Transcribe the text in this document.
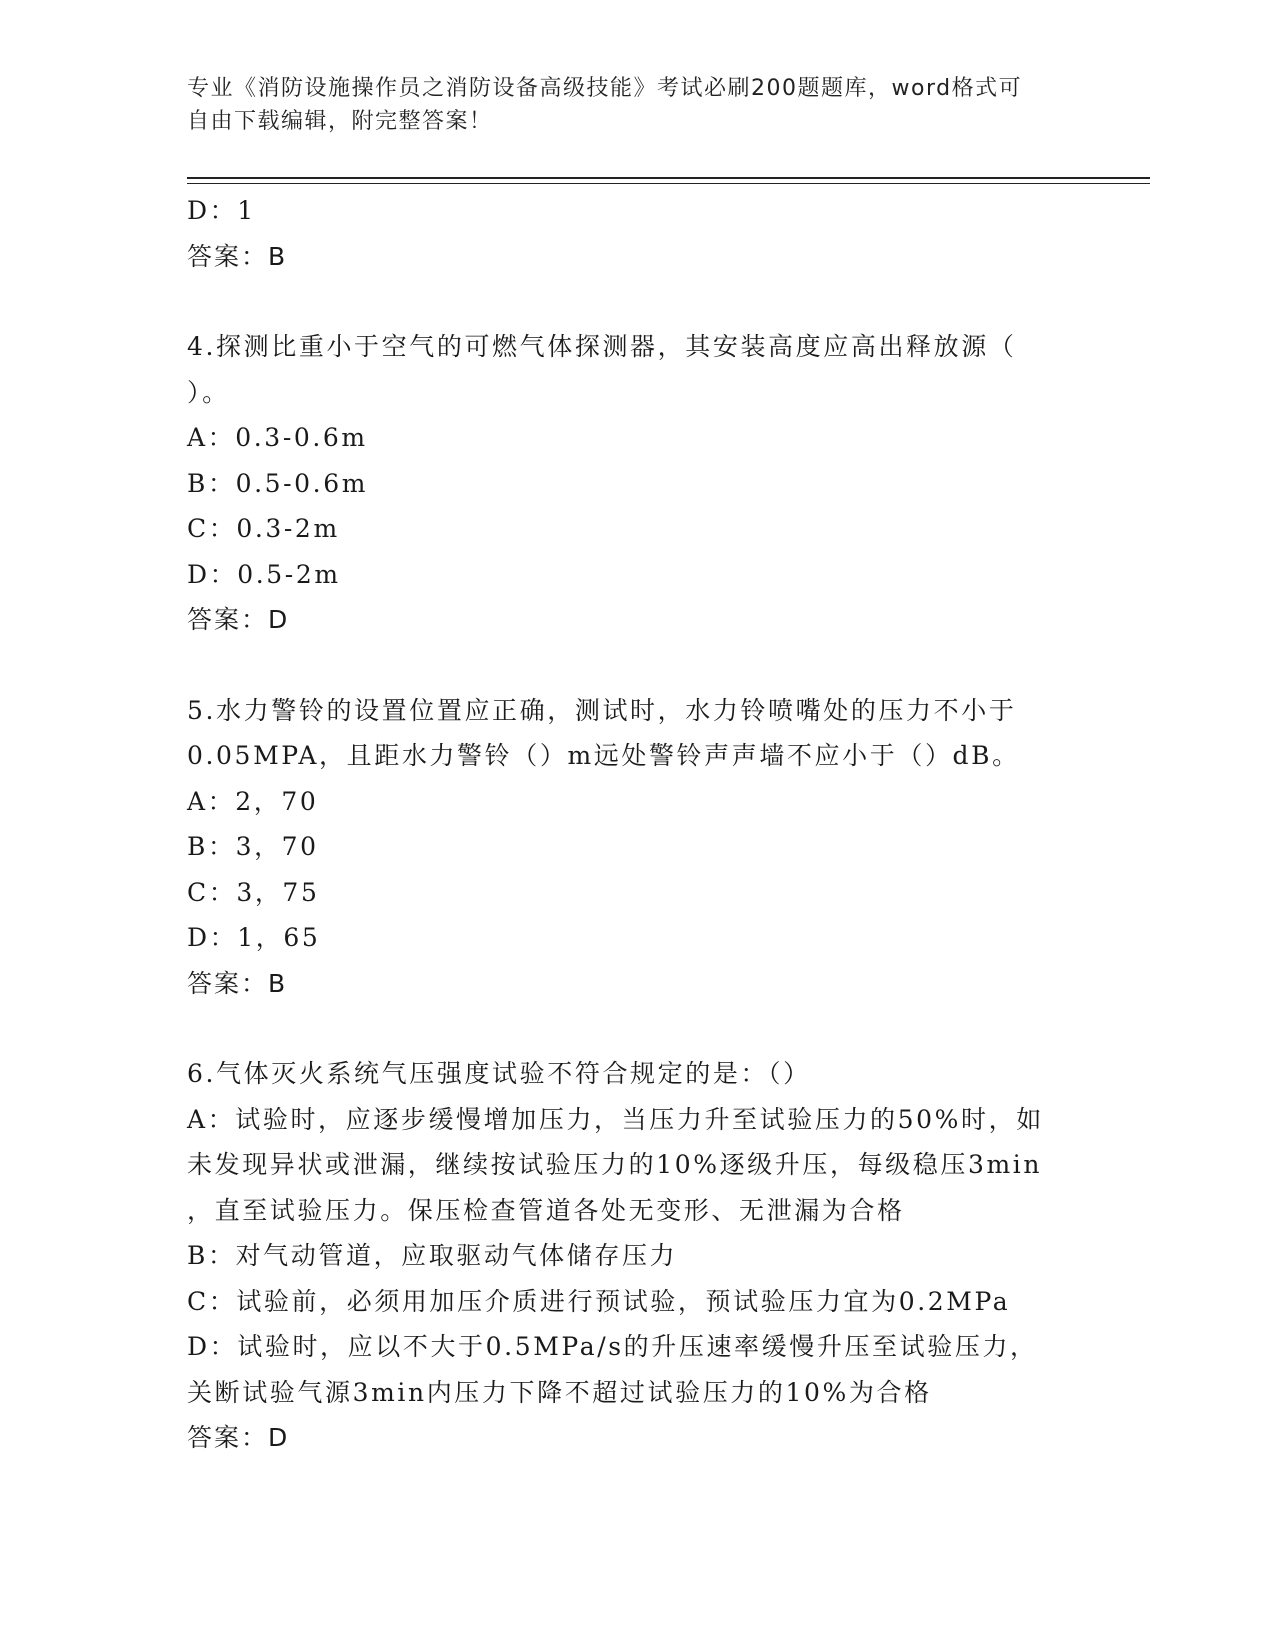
专业《消防设施操作员之消防设备高级技能》考试必刷200题题库，word格式可
自由下载编辑，附完整答案！
D：1
答案：B
4.探测比重小于空气的可燃气体探测器，其安装高度应高出释放源（
）。
A：0.3-0.6m
B：0.5-0.6m
C：0.3-2m
D：0.5-2m
答案：D
5.水力警铃的设置位置应正确，测试时，水力铃喷嘴处的压力不小于
0.05MPA，且距水力警铃（）m远处警铃声声墙不应小于（）dB。
A：2，70
B：3，70
C：3，75
D：1，65
答案：B
6.气体灭火系统气压强度试验不符合规定的是：（）
A：试验时，应逐步缓慢增加压力，当压力升至试验压力的50%时，如
未发现异状或泄漏，继续按试验压力的10%逐级升压，每级稳压3min
，直至试验压力。保压检查管道各处无变形、无泄漏为合格
B：对气动管道，应取驱动气体储存压力
C：试验前，必须用加压介质进行预试验，预试验压力宜为0.2MPa
D：试验时，应以不大于0.5MPa/s的升压速率缓慢升压至试验压力，
关断试验气源3min内压力下降不超过试验压力的10%为合格
答案：D
